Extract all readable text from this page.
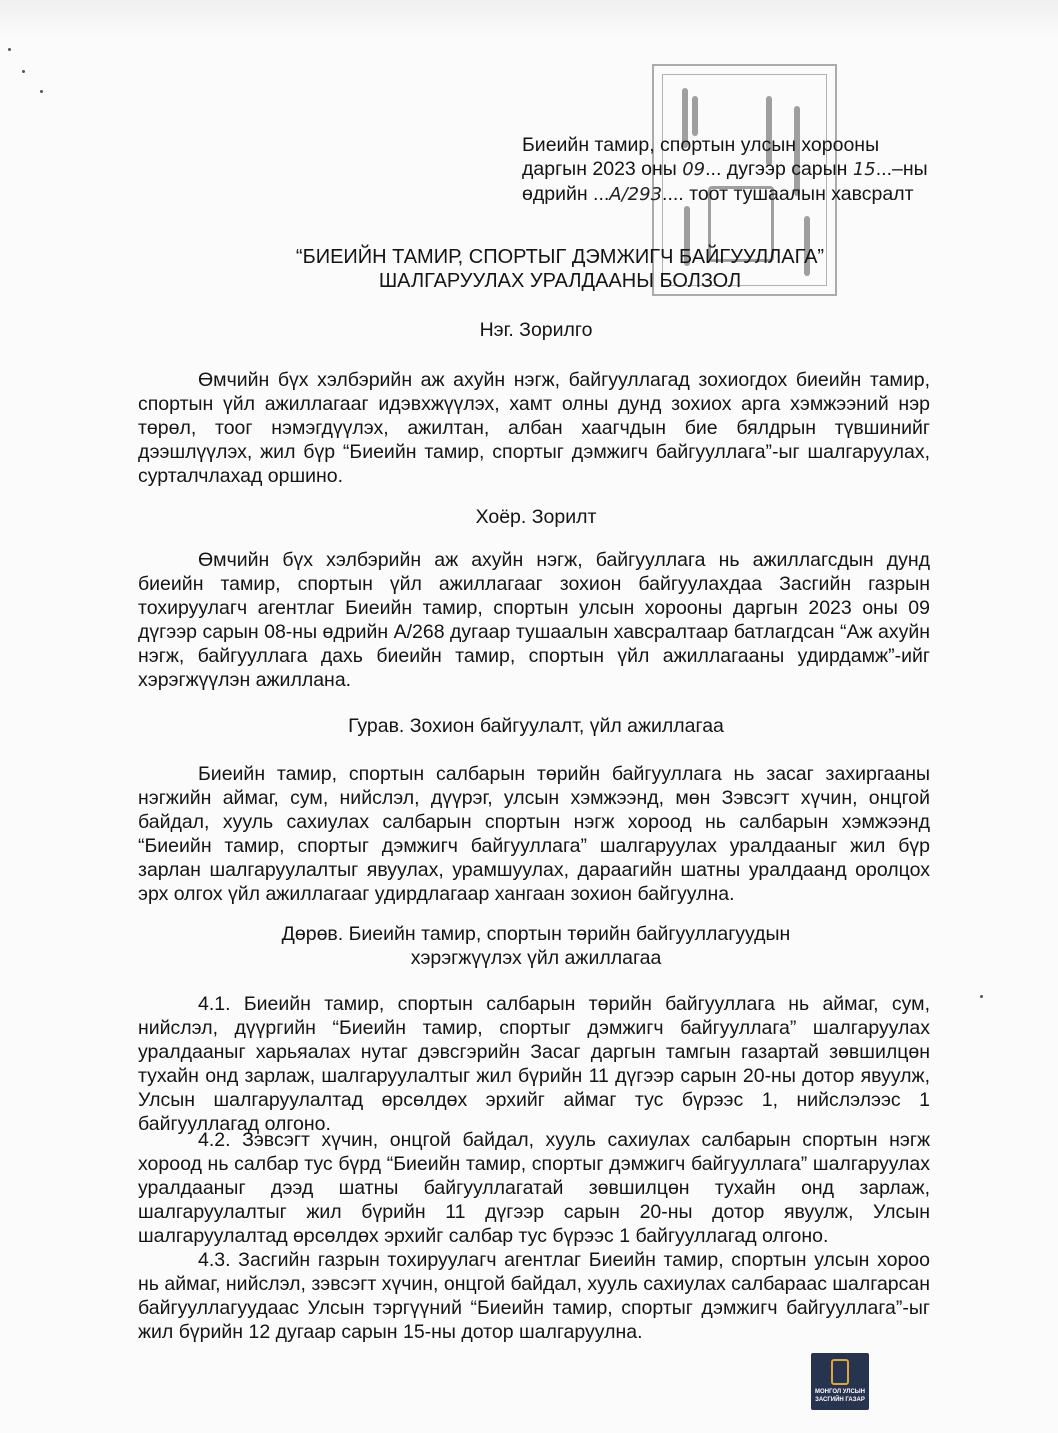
Биеийн тамир, спортын улсын хорооны
даргын 2023 оны 09... дугээр сарын 15...–ны
өдрийн ...А/293.... тоот тушаалын хавсралт
“БИЕИЙН ТАМИР, СПОРТЫГ ДЭМЖИГЧ БАЙГУУЛЛАГА”
ШАЛГАРУУЛАХ УРАЛДААНЫ БОЛЗОЛ
Нэг. Зорилго
Өмчийн бүх хэлбэрийн аж ахуйн нэгж, байгууллагад зохиогдох биеийн тамир, спортын үйл ажиллагааг идэвхжүүлэх, хамт олны дунд зохиох арга хэмжээний нэр төрөл, тоог нэмэгдүүлэх, ажилтан, албан хаагчдын бие бялдрын түвшинийг дээшлүүлэх, жил бүр “Биеийн тамир, спортыг дэмжигч байгууллага”-ыг шалгаруулах, сурталчлахад оршино.
Хоёр. Зорилт
Өмчийн бүх хэлбэрийн аж ахуйн нэгж, байгууллага нь ажиллагсдын дунд биеийн тамир, спортын үйл ажиллагааг зохион байгуулахдаа Засгийн газрын тохируулагч агентлаг Биеийн тамир, спортын улсын хорооны даргын 2023 оны 09 дүгээр сарын 08-ны өдрийн А/268 дугаар тушаалын хавсралтаар батлагдсан “Аж ахуйн нэгж, байгууллага дахь биеийн тамир, спортын үйл ажиллагааны удирдамж”-ийг хэрэгжүүлэн ажиллана.
Гурав. Зохион байгуулалт, үйл ажиллагаа
Биеийн тамир, спортын салбарын төрийн байгууллага нь засаг захиргааны нэгжийн аймаг, сум, нийслэл, дүүрэг, улсын хэмжээнд, мөн Зэвсэгт хүчин, онцгой байдал, хууль сахиулах салбарын спортын нэгж хороод нь салбарын хэмжээнд “Биеийн тамир, спортыг дэмжигч байгууллага” шалгаруулах уралдааныг жил бүр зарлан шалгаруулалтыг явуулах, урамшуулах, дараагийн шатны уралдаанд оролцох эрх олгох үйл ажиллагааг удирдлагаар хангаан зохион байгуулна.
Дөрөв. Биеийн тамир, спортын төрийн байгууллагуудын
хэрэгжүүлэх үйл ажиллагаа
4.1. Биеийн тамир, спортын салбарын төрийн байгууллага нь аймаг, сум, нийслэл, дүүргийн “Биеийн тамир, спортыг дэмжигч байгууллага” шалгаруулах уралдааныг харьяалах нутаг дэвсгэрийн Засаг даргын тамгын газартай зөвшилцөн тухайн онд зарлаж, шалгаруулалтыг жил бүрийн 11 дүгээр сарын 20-ны дотор явуулж, Улсын шалгаруулалтад өрсөлдөх эрхийг аймаг тус бүрээс 1, нийслэлээс 1 байгууллагад олгоно.
4.2. Зэвсэгт хүчин, онцгой байдал, хууль сахиулах салбарын спортын нэгж хороод нь салбар тус бүрд “Биеийн тамир, спортыг дэмжигч байгууллага” шалгаруулах уралдааныг дээд шатны байгууллагатай зөвшилцөн тухайн онд зарлаж, шалгаруулалтыг жил бүрийн 11 дүгээр сарын 20-ны дотор явуулж, Улсын шалгаруулалтад өрсөлдөх эрхийг салбар тус бүрээс 1 байгууллагад олгоно.
4.3. Засгийн газрын тохируулагч агентлаг Биеийн тамир, спортын улсын хороо нь аймаг, нийслэл, зэвсэгт хүчин, онцгой байдал, хууль сахиулах салбараас шалгарсан байгууллагуудаас Улсын тэргүүний “Биеийн тамир, спортыг дэмжигч байгууллага”-ыг жил бүрийн 12 дугаар сарын 15-ны дотор шалгаруулна.
МОНГОЛ УЛСЫН
ЗАСГИЙН ГАЗАР
